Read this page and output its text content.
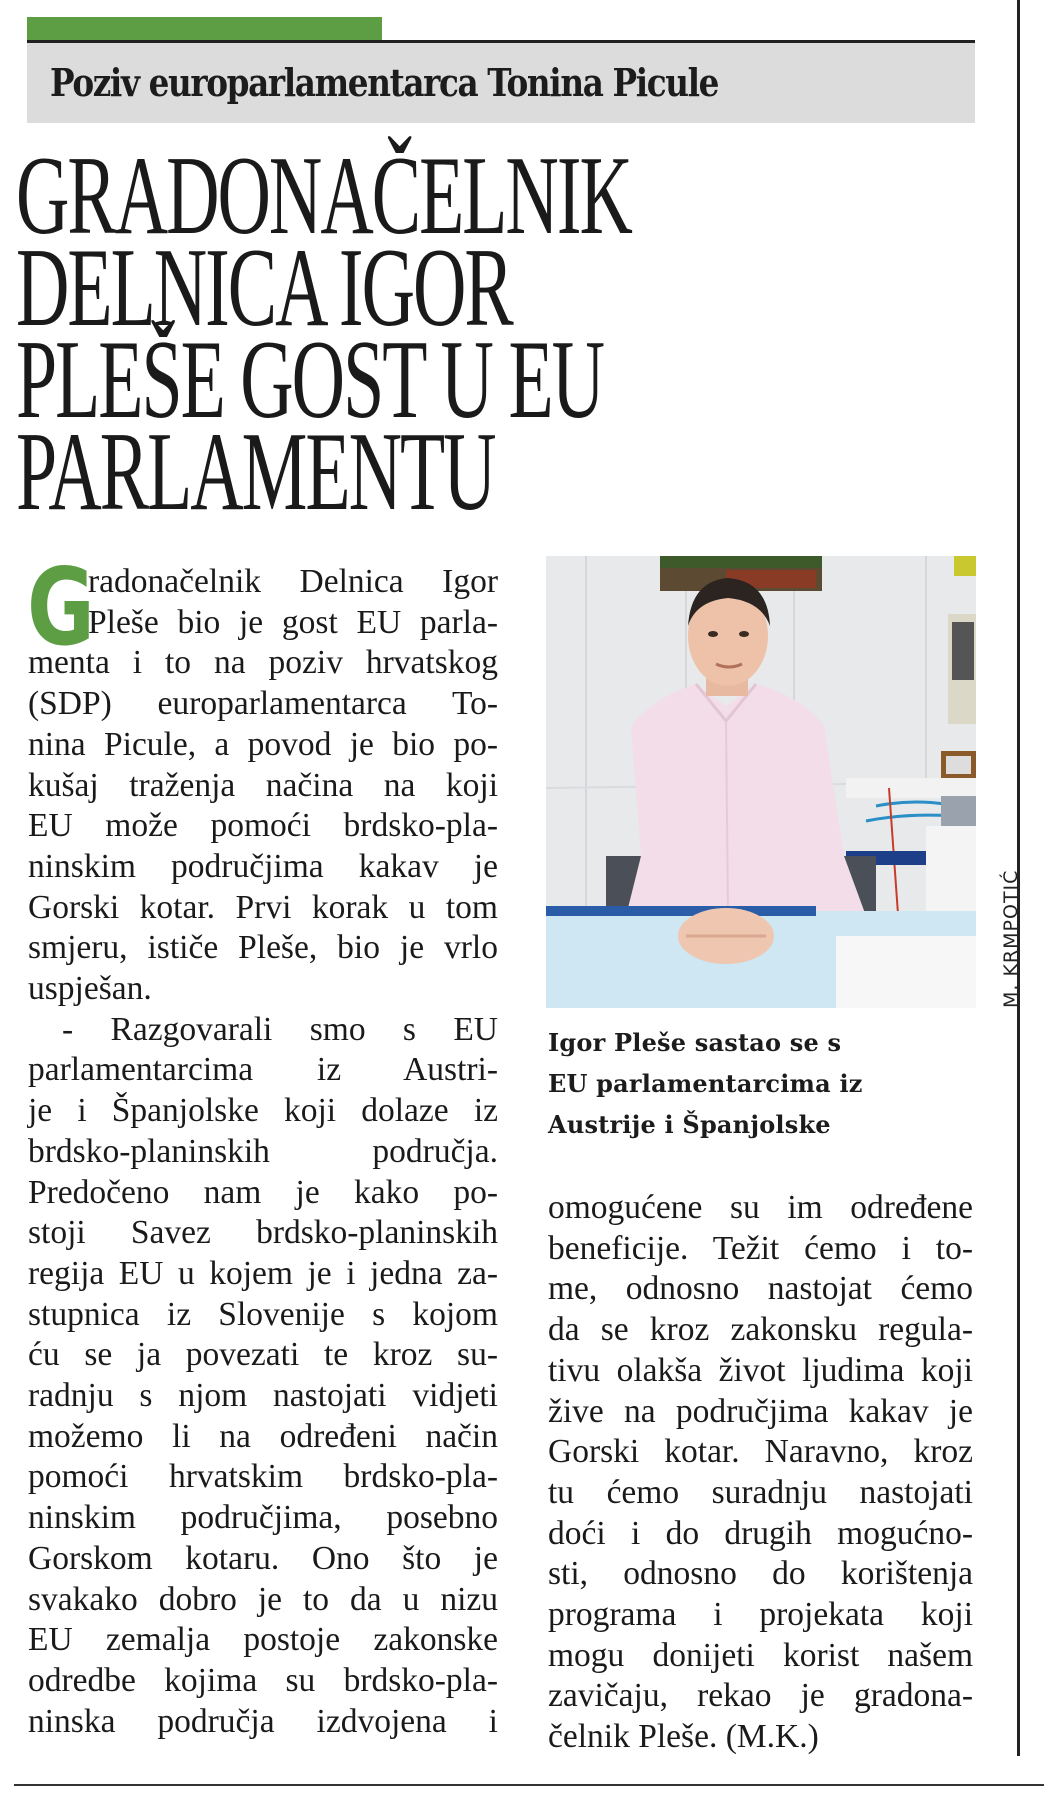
Poziv europarlamentarca Tonina Picule
GRADONAČELNIK
DELNICA IGOR
PLEŠE GOST U EU
PARLAMENTU
G
radonačelnik Delnica Igor
Pleše bio je gost EU parla-
menta i to na poziv hrvatskog
(SDP) europarlamentarca To-
nina Picule, a povod je bio po-
kušaj traženja načina na koji
EU može pomoći brdsko-pla-
ninskim područjima kakav je
Gorski kotar. Prvi korak u tom
smjeru, ističe Pleše, bio je vrlo
uspješan.
- Razgovarali smo s EU
parlamentarcima iz Austri-
je i Španjolske koji dolaze iz
brdsko-planinskih područja.
Predočeno nam je kako po-
stoji Savez brdsko-planinskih
regija EU u kojem je i jedna za-
stupnica iz Slovenije s kojom
ću se ja povezati te kroz su-
radnju s njom nastojati vidjeti
možemo li na određeni način
pomoći hrvatskim brdsko-pla-
ninskim područjima, posebno
Gorskom kotaru. Ono što je
svakako dobro je to da u nizu
EU zemalja postoje zakonske
odredbe kojima su brdsko-pla-
ninska područja izdvojena i
M. KRMPOTIĆ
Igor Pleše sastao se s
EU parlamentarcima iz
Austrije i Španjolske
omogućene su im određene
beneficije. Težit ćemo i to-
me, odnosno nastojat ćemo
da se kroz zakonsku regula-
tivu olakša život ljudima koji
žive na područjima kakav je
Gorski kotar. Naravno, kroz
tu ćemo suradnju nastojati
doći i do drugih mogućno-
sti, odnosno do korištenja
programa i projekata koji
mogu donijeti korist našem
zavičaju, rekao je gradona-
čelnik Pleše. (M.K.)
